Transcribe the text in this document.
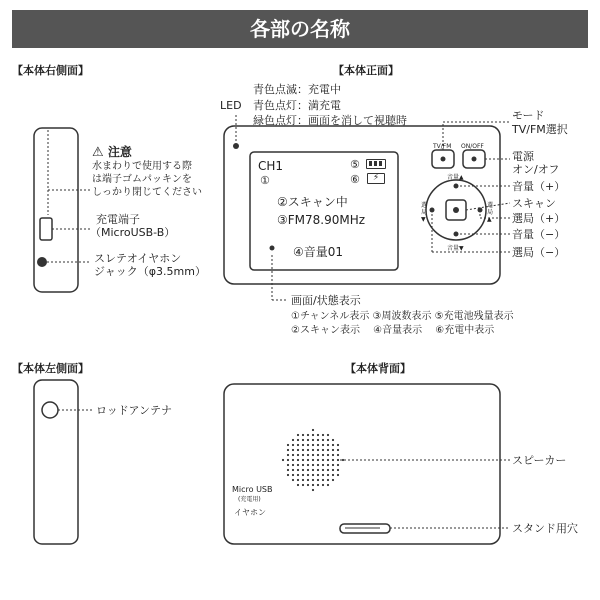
各部の名称
【本体右側面】	【本体正面】
【本体左側面】	【本体背面】
LED
青色点滅：充電中
青色点灯：満充電
緑色点灯：画面を消して視聴時
⚠ 注意
水まわりで使用する際
は端子ゴムパッキンを
しっかり閉じてください
充電端子
（MicroUSB-B）
スレテオイヤホン
ジャック（φ3.5mm）
CH1
①
⑤
⑥	⚡
②スキャン中
③FM78.90MHz
④音量01
TV/FM ON/OFF
音量▲
音量▼
選局▼
選局▲
モード
TV/FM選択
電源
オン/オフ
音量（+）
スキャン
選局（+）
音量（−）
選局（−）
画面/状態表示
①チャンネル表示 ③周波数表示 ⑤充電池残量表示
②スキャン表示　 ④音量表示　 ⑥充電中表示
ロッドアンテナ
Micro USB
(充電用)
イヤホン
スピーカー
スタンド用穴
